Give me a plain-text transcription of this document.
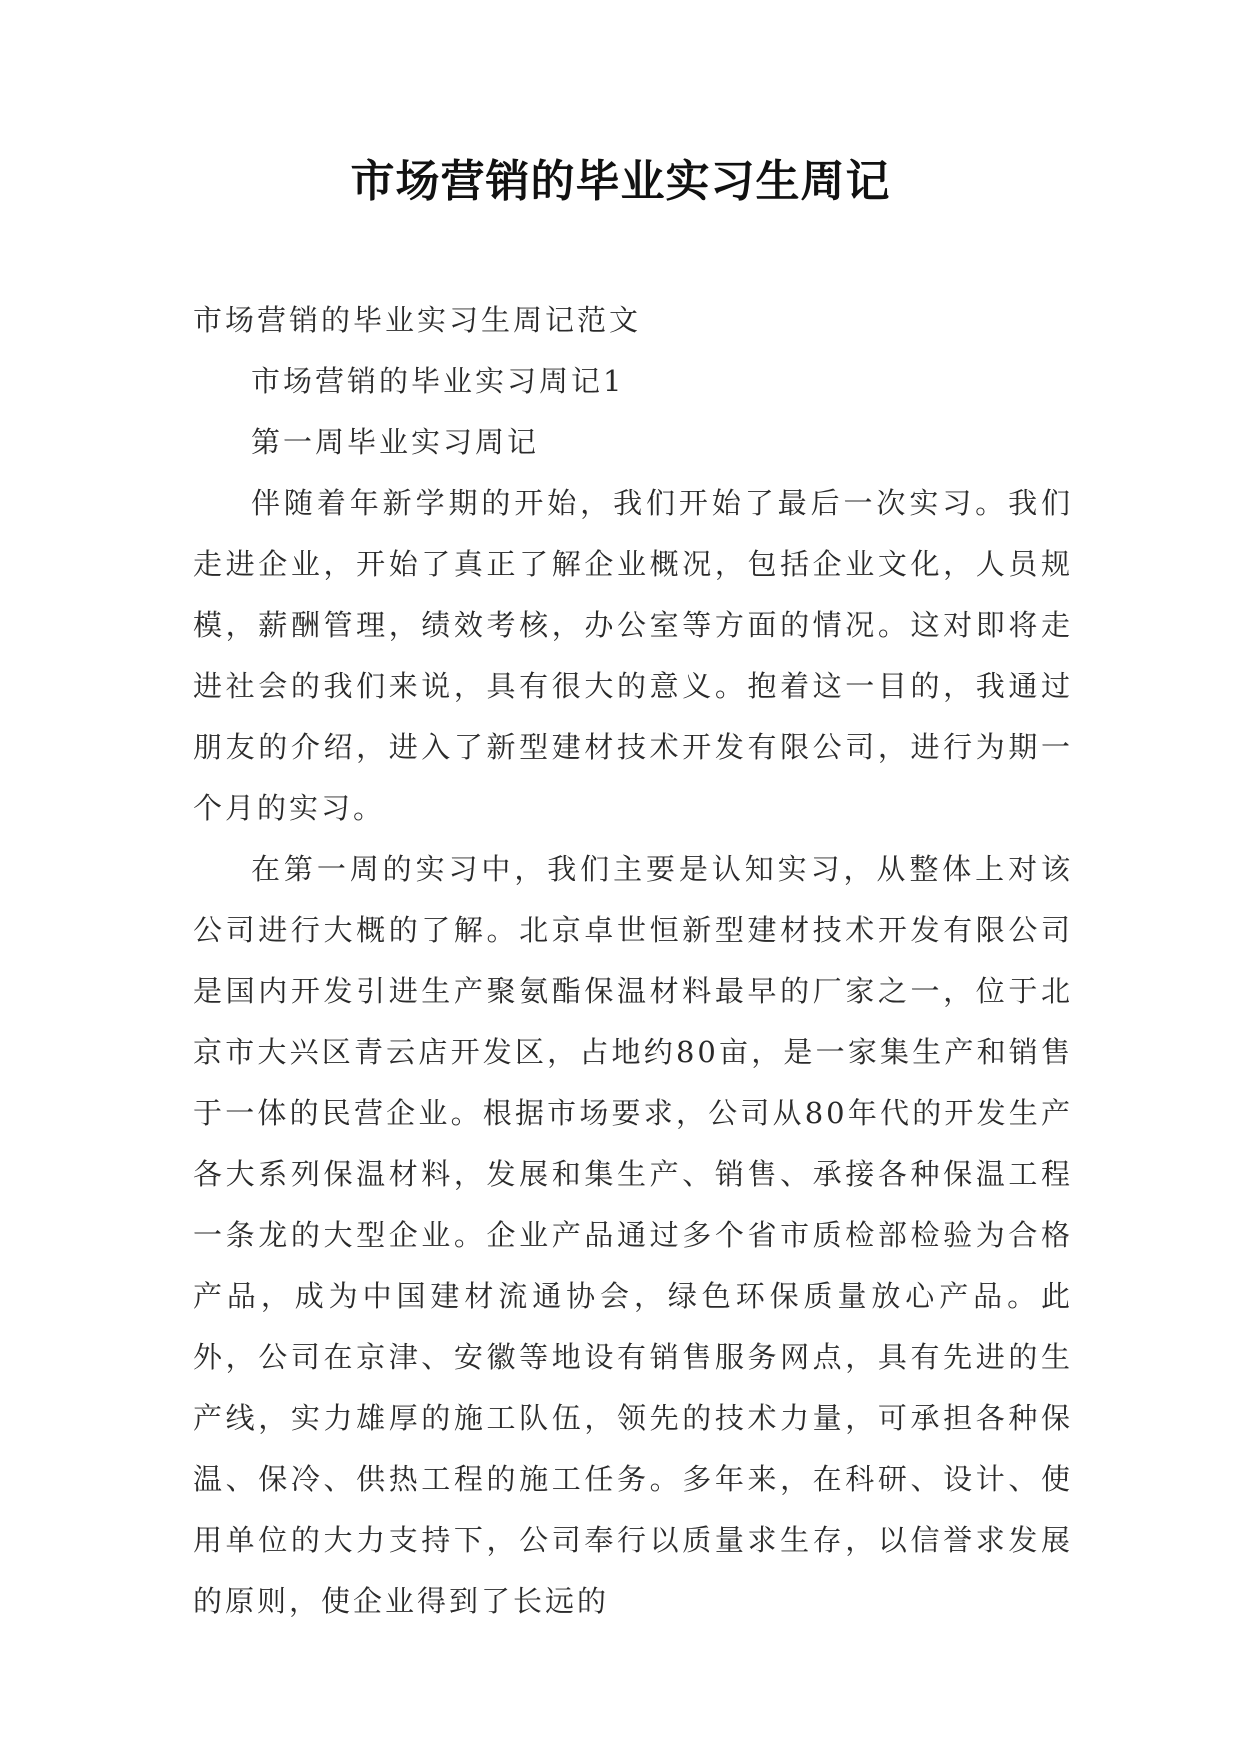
市场营销的毕业实习生周记

市场营销的毕业实习生周记范文

市场营销的毕业实习周记1

第一周毕业实习周记

伴随着年新学期的开始，我们开始了最后一次实习。我们走进企业，开始了真正了解企业概况，包括企业文化，人员规模，薪酬管理，绩效考核，办公室等方面的情况。这对即将走进社会的我们来说，具有很大的意义。抱着这一目的，我通过朋友的介绍，进入了新型建材技术开发有限公司，进行为期一个月的实习。

在第一周的实习中，我们主要是认知实习，从整体上对该公司进行大概的了解。北京卓世恒新型建材技术开发有限公司是国内开发引进生产聚氨酯保温材料最早的厂家之一，位于北京市大兴区青云店开发区，占地约80亩，是一家集生产和销售于一体的民营企业。根据市场要求，公司从80年代的开发生产各大系列保温材料，发展和集生产、销售、承接各种保温工程一条龙的大型企业。企业产品通过多个省市质检部检验为合格产品，成为中国建材流通协会，绿色环保质量放心产品。此外，公司在京津、安徽等地设有销售服务网点，具有先进的生产线，实力雄厚的施工队伍，领先的技术力量，可承担各种保温、保冷、供热工程的施工任务。多年来，在科研、设计、使用单位的大力支持下，公司奉行以质量求生存，以信誉求发展的原则，使企业得到了长远的
